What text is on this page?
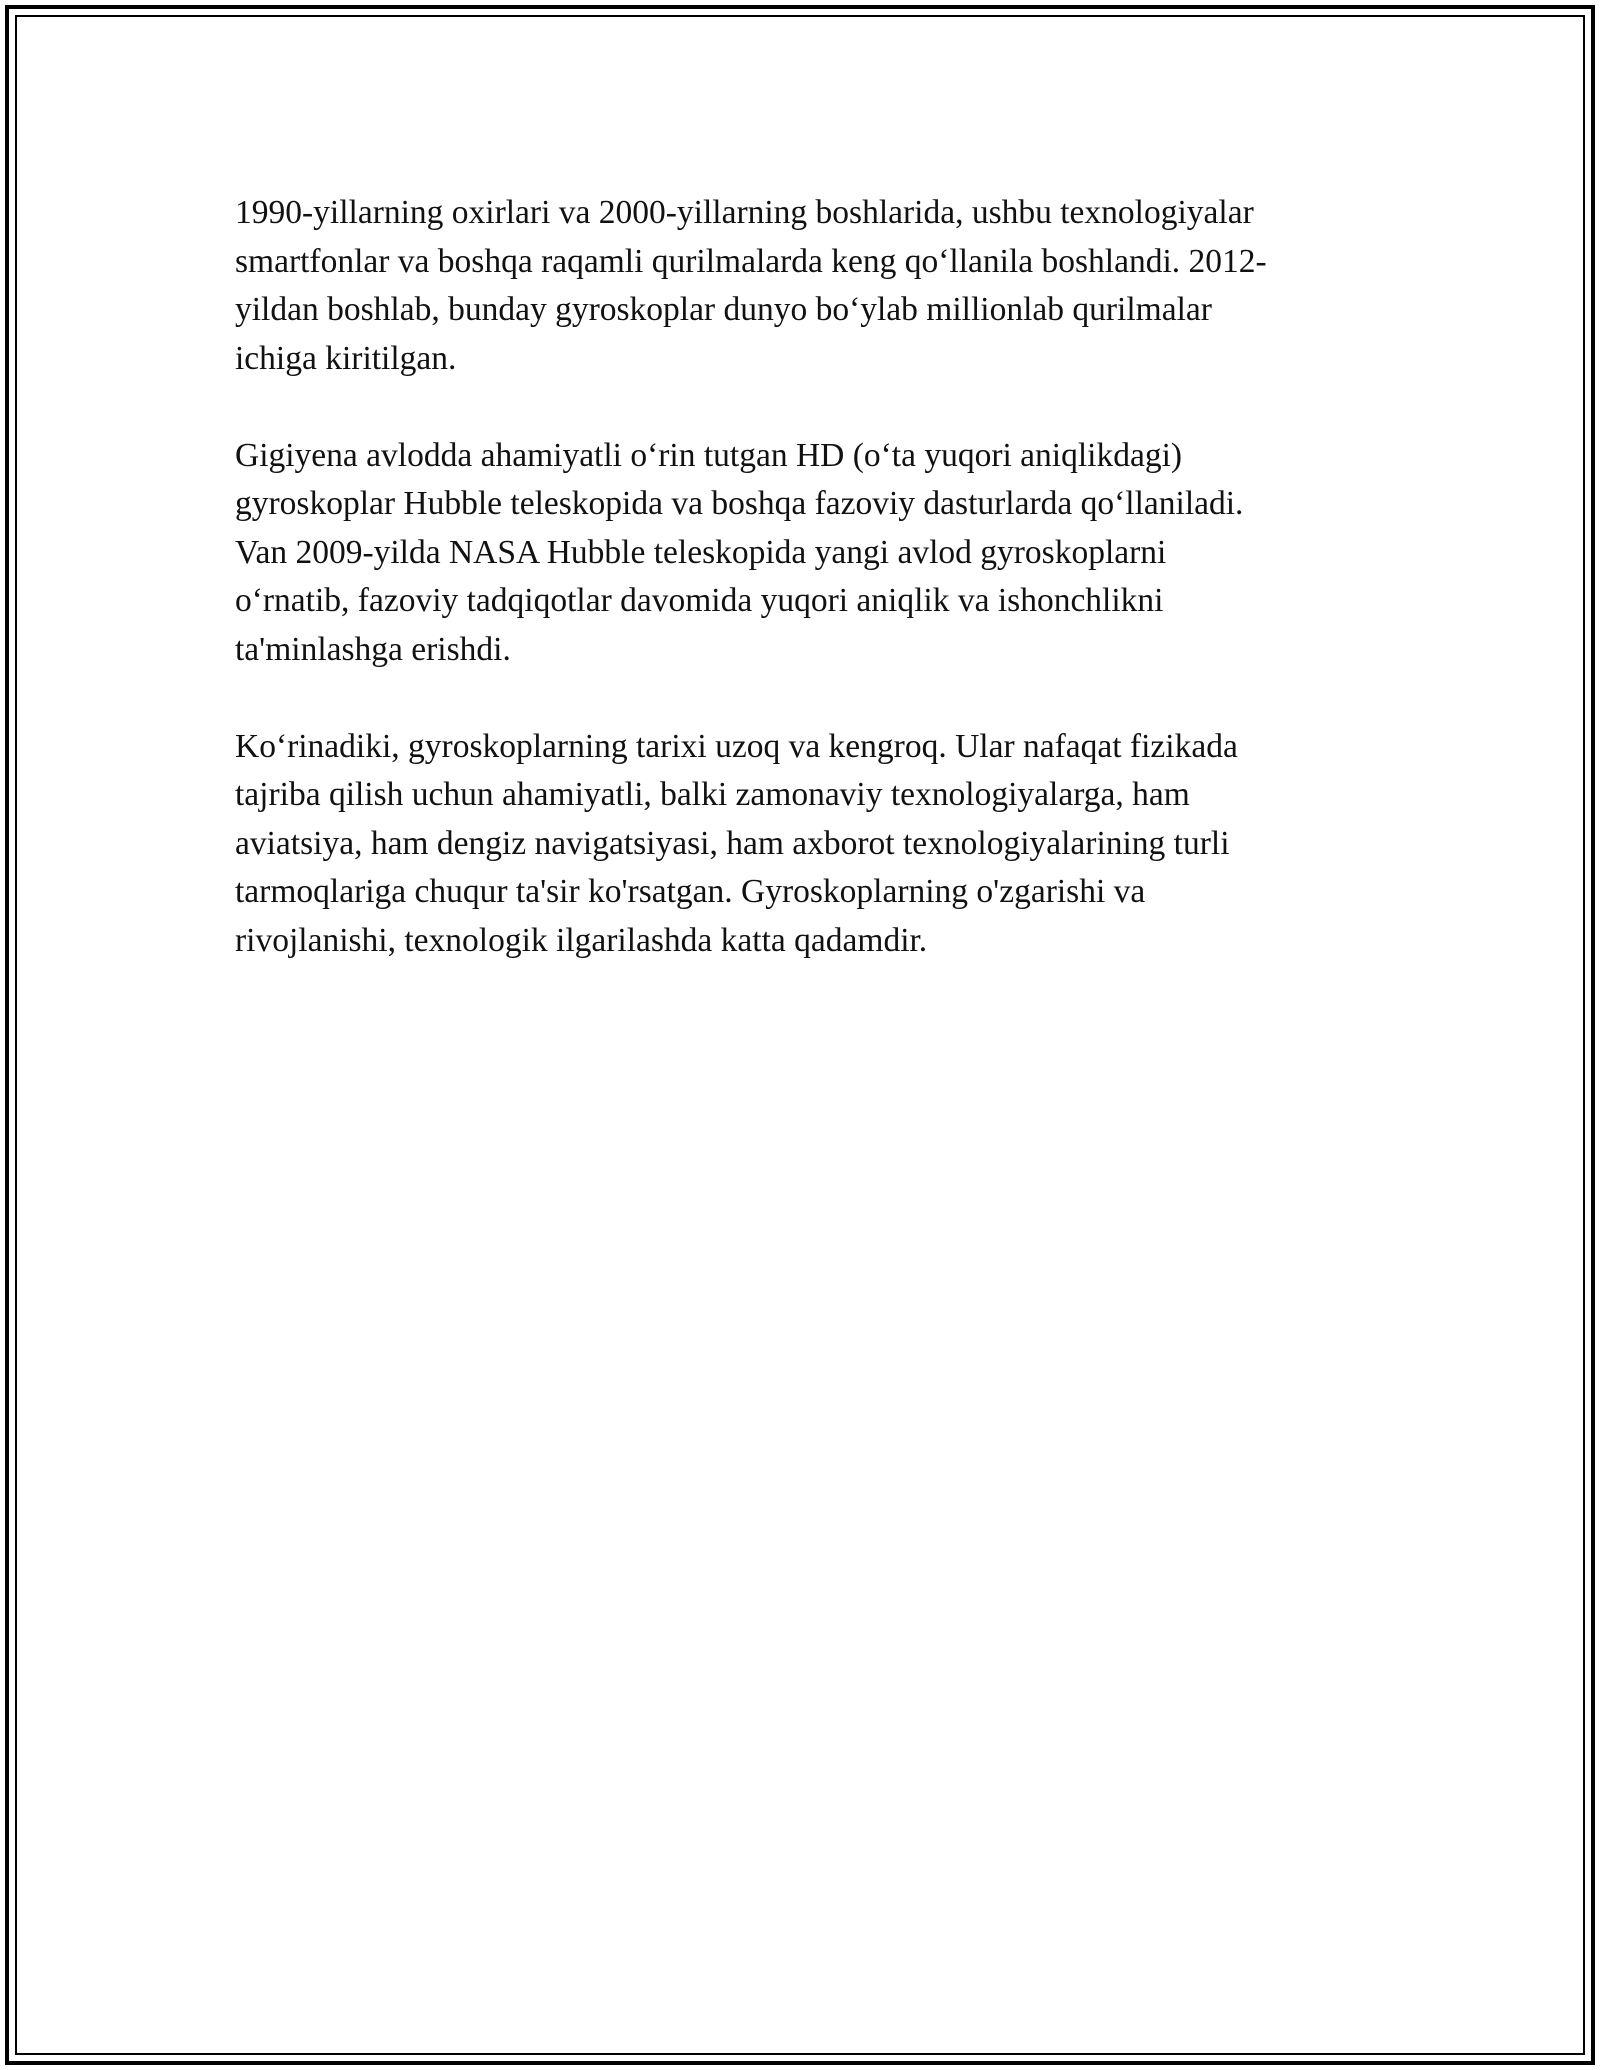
1990-yillarning oxirlari va 2000-yillarning boshlarida, ushbu texnologiyalar
smartfonlar va boshqa raqamli qurilmalarda keng qo‘llanila boshlandi. 2012-
yildan boshlab, bunday gyroskoplar dunyo bo‘ylab millionlab qurilmalar
ichiga kiritilgan.

Gigiyena avlodda ahamiyatli o‘rin tutgan HD (o‘ta yuqori aniqlikdagi)
gyroskoplar Hubble teleskopida va boshqa fazoviy dasturlarda qo‘llaniladi.
Van 2009-yilda NASA Hubble teleskopida yangi avlod gyroskoplarni
o‘rnatib, fazoviy tadqiqotlar davomida yuqori aniqlik va ishonchlikni
ta'minlashga erishdi.

Ko‘rinadiki, gyroskoplarning tarixi uzoq va kengroq. Ular nafaqat fizikada
tajriba qilish uchun ahamiyatli, balki zamonaviy texnologiyalarga, ham
aviatsiya, ham dengiz navigatsiyasi, ham axborot texnologiyalarining turli
tarmoqlariga chuqur ta'sir ko'rsatgan. Gyroskoplarning o'zgarishi va
rivojlanishi, texnologik ilgarilashda katta qadamdir.
